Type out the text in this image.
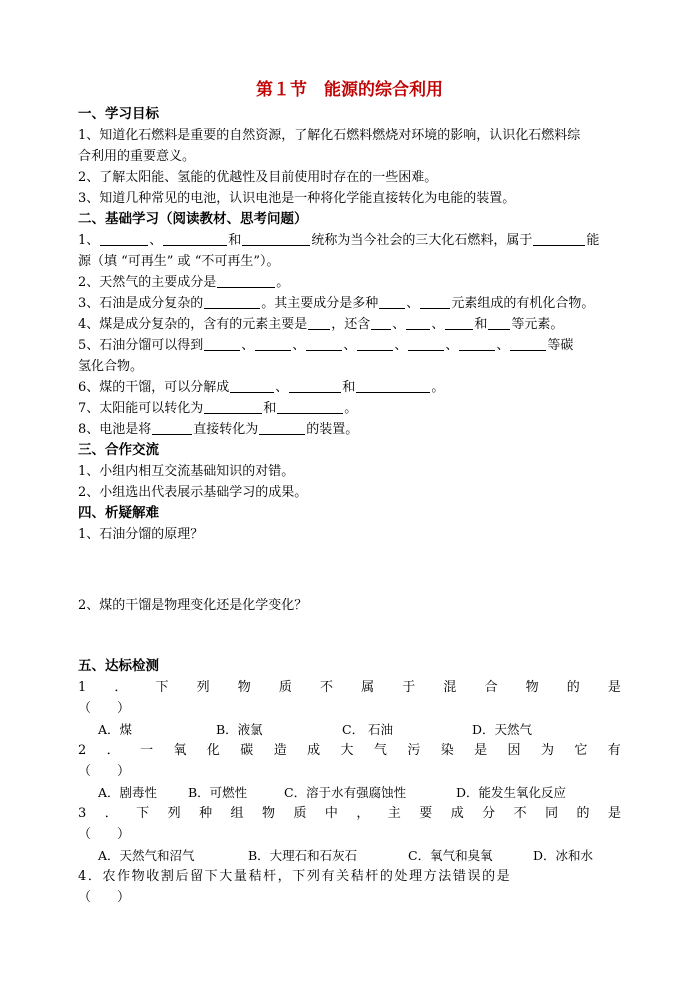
第１节　能源的综合利用
一、学习目标
1、知道化石燃料是重要的自然资源，了解化石燃料燃烧对环境的影响，认识化石燃料综
合利用的重要意义。
2、了解太阳能、氢能的优越性及目前使用时存在的一些困难。
3、知道几种常见的电池，认识电池是一种将化学能直接转化为电能的装置。
二、基础学习（阅读教材、思考问题）
1、	、	和	统称为当今社会的三大化石燃料，属于	能
源（填 “可再生” 或 “不可再生”）。
2、天然气的主要成分是	。
3、石油是成分复杂的	。其主要成分是多种 、 元素组成的有机化合物。
4、煤是成分复杂的，含有的元素主要是 ，还含 、 、 和 等元素。
5、石油分馏可以得到	、	、	、	、	、	、	等碳
氢化合物。
6、煤的干馏，可以分解成	、	和	。
7、太阳能可以转化为	和	。
8、电池是将	直接转化为	的装置。
三、合作交流
1、小组内相互交流基础知识的对错。
2、小组选出代表展示基础学习的成果。
四、析疑解难
1、石油分馏的原理？
2、煤的干馏是物理变化还是化学变化？
五、达标检测
1 ． 下 列 物 质 不 属 于 混 合 物 的 是
（　　）
A．煤	B．液氯	C． 石油	D．天然气
2 ． 一 氧 化 碳 造 成 大 气 污 染 是 因 为 它 有
（　　）
A．剧毒性	B．可燃性	C．溶于水有强腐蚀性	D．能发生氧化反应
3 ． 下 列 种 组 物 质 中 ， 主 要 成 分 不 同 的 是
（　　）
A．天然气和沼气	B．大理石和石灰石	C．氧气和臭氧	D．冰和水
4．农作物收割后留下大量秸杆，下列有关秸杆的处理方法错误的是
（　　）
